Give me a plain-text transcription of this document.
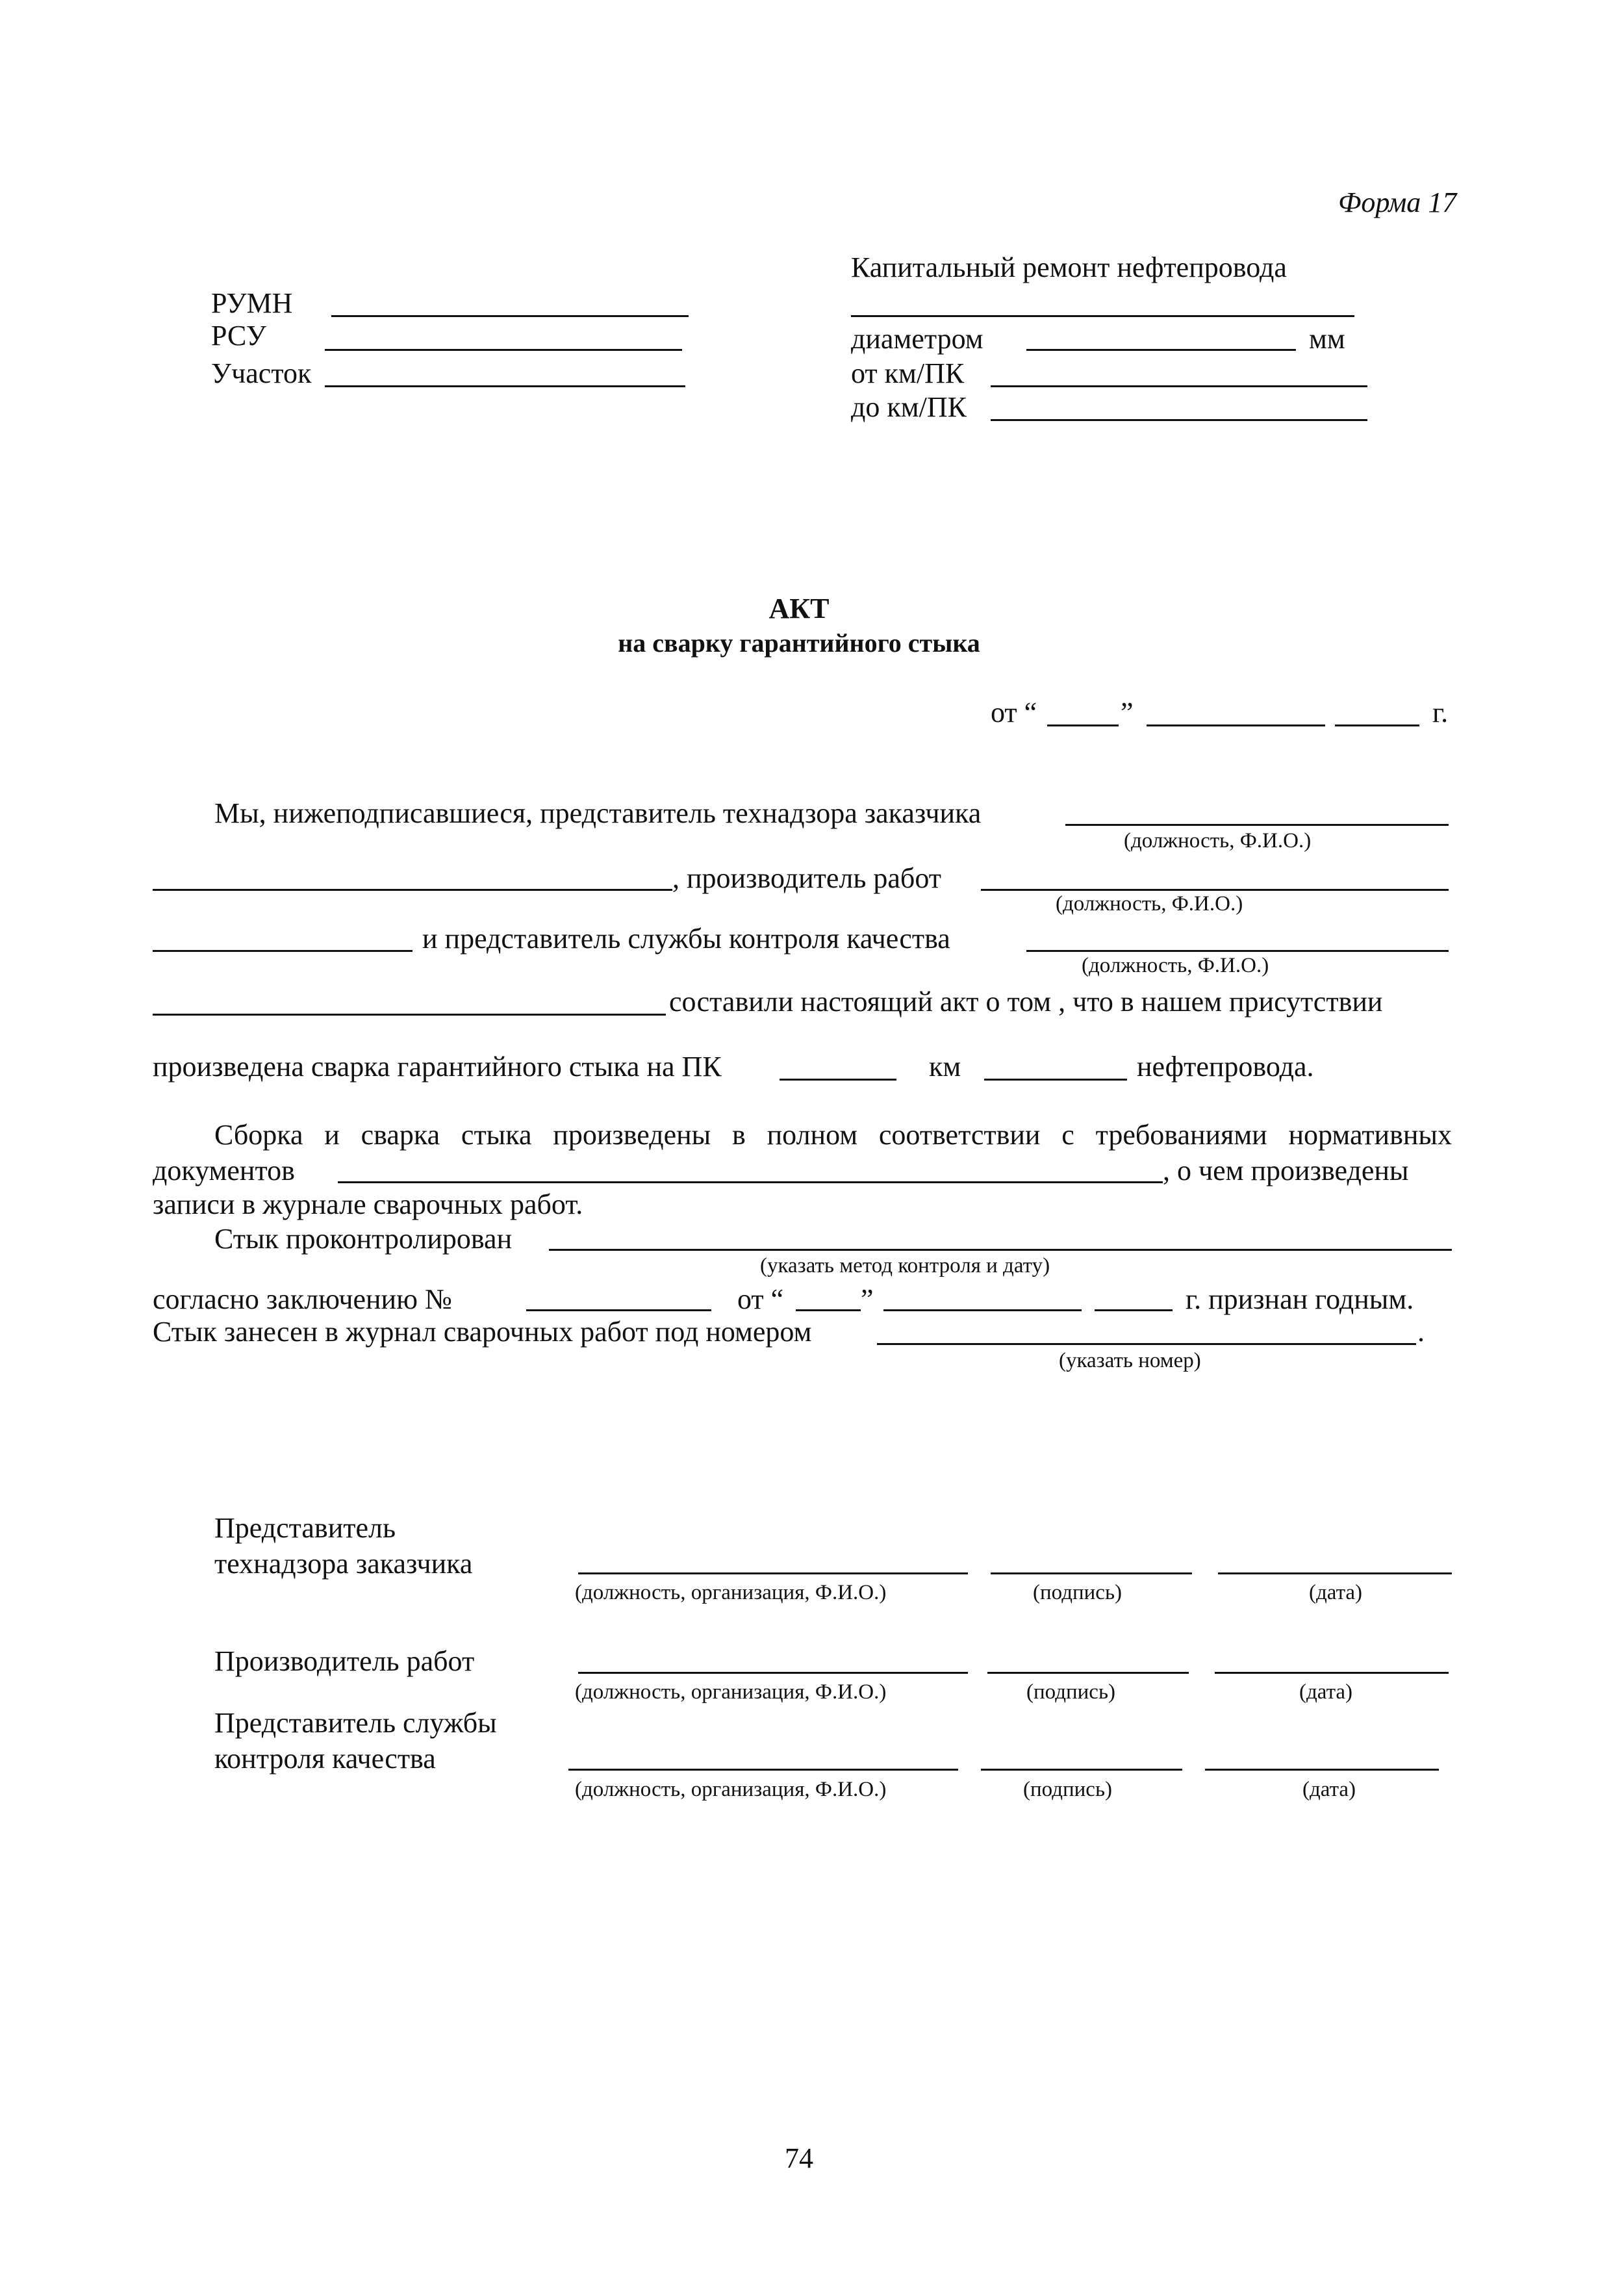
Форма 17
РУМН
РСУ
Участок
Капитальный ремонт нефтепровода
диаметром	мм
от км/ПК
до км/ПК
АКТ
на сварку гарантийного стыка
от “	”	г.
Мы, нижеподписавшиеся, представитель технадзора заказчика
(должность, Ф.И.О.)
, производитель работ
(должность, Ф.И.О.)
и представитель службы контроля качества
(должность, Ф.И.О.)
составили настоящий акт о том , что в нашем присутствии
произведена сварка гарантийного стыка на ПК	км	нефтепровода.
Сборка и сварка стыка произведены в полном соответствии с требованиями нормативных
документов	, о чем произведены
записи в журнале сварочных работ.
Стык проконтролирован
(указать метод контроля и дату)
согласно заключению №	от “	”	г. признан годным.
Стык занесен в журнал сварочных работ под номером	.
(указать номер)
Представитель
технадзора заказчика
(должность, организация, Ф.И.О.)	(подпись)	(дата)
Производитель работ
(должность, организация, Ф.И.О.)	(подпись)	(дата)
Представитель службы
контроля качества
(должность, организация, Ф.И.О.)	(подпись)	(дата)
74
